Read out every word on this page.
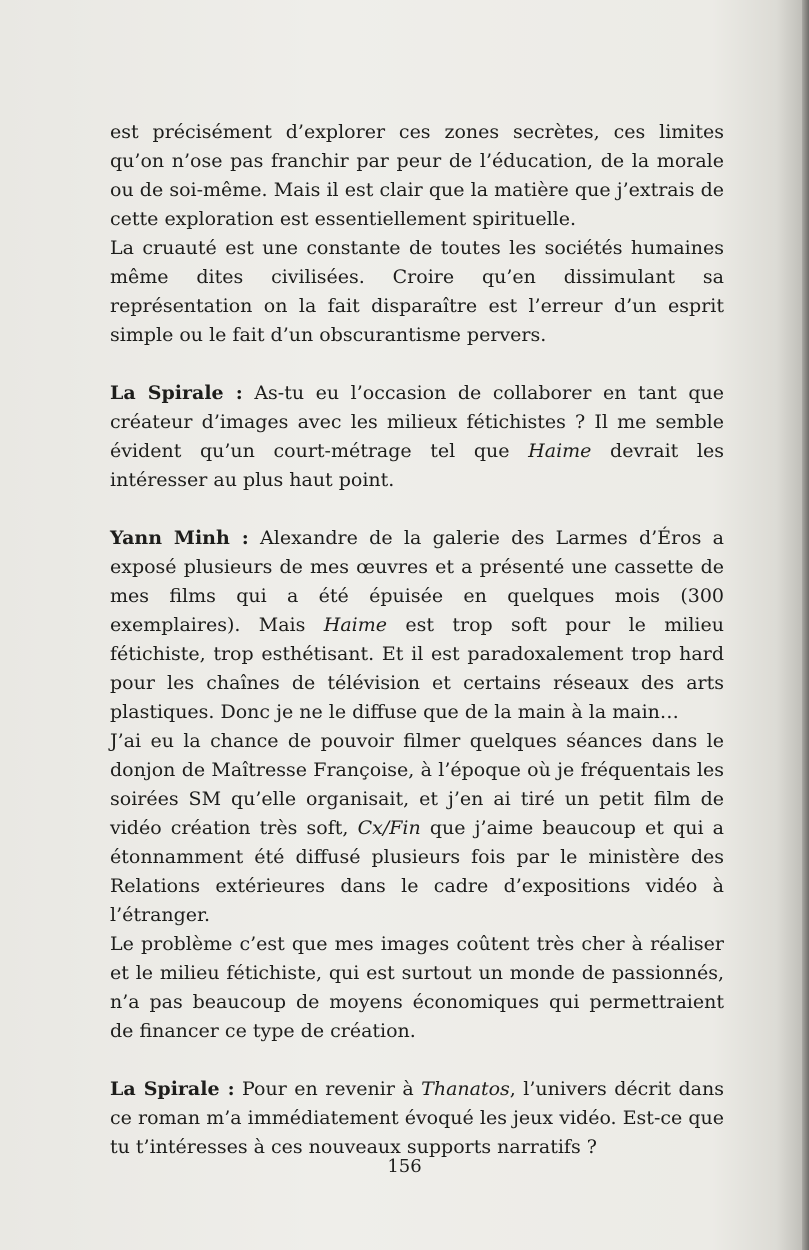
est précisément d’explorer ces zones secrètes, ces limites qu’on n’ose pas franchir par peur de l’éducation, de la morale ou de soi-même. Mais il est clair que la matière que j’extrais de cette exploration est essentiellement spirituelle.

La cruauté est une constante de toutes les sociétés humaines même dites civilisées. Croire qu’en dissimulant sa représentation on la fait disparaître est l’erreur d’un esprit simple ou le fait d’un obscurantisme pervers.

La Spirale : As-tu eu l’occasion de collaborer en tant que créateur d’images avec les milieux fétichistes ? Il me semble évident qu’un court-métrage tel que Haime devrait les intéresser au plus haut point.

Yann Minh : Alexandre de la galerie des Larmes d’Éros a exposé plusieurs de mes œuvres et a présenté une cassette de mes films qui a été épuisée en quelques mois (300 exemplaires). Mais Haime est trop soft pour le milieu fétichiste, trop esthétisant. Et il est paradoxalement trop hard pour les chaînes de télévision et certains réseaux des arts plastiques. Donc je ne le diffuse que de la main à la main…

J’ai eu la chance de pouvoir filmer quelques séances dans le donjon de Maîtresse Françoise, à l’époque où je fréquentais les soirées SM qu’elle organisait, et j’en ai tiré un petit film de vidéo création très soft, Cx/Fin que j’aime beaucoup et qui a étonnamment été diffusé plusieurs fois par le ministère des Relations extérieures dans le cadre d’expositions vidéo à l’étranger.

Le problème c’est que mes images coûtent très cher à réaliser et le milieu fétichiste, qui est surtout un monde de passionnés, n’a pas beaucoup de moyens économiques qui permettraient de financer ce type de création.

La Spirale : Pour en revenir à Thanatos, l’univers décrit dans ce roman m’a immédiatement évoqué les jeux vidéo. Est-ce que tu t’intéresses à ces nouveaux supports narratifs ?

156
